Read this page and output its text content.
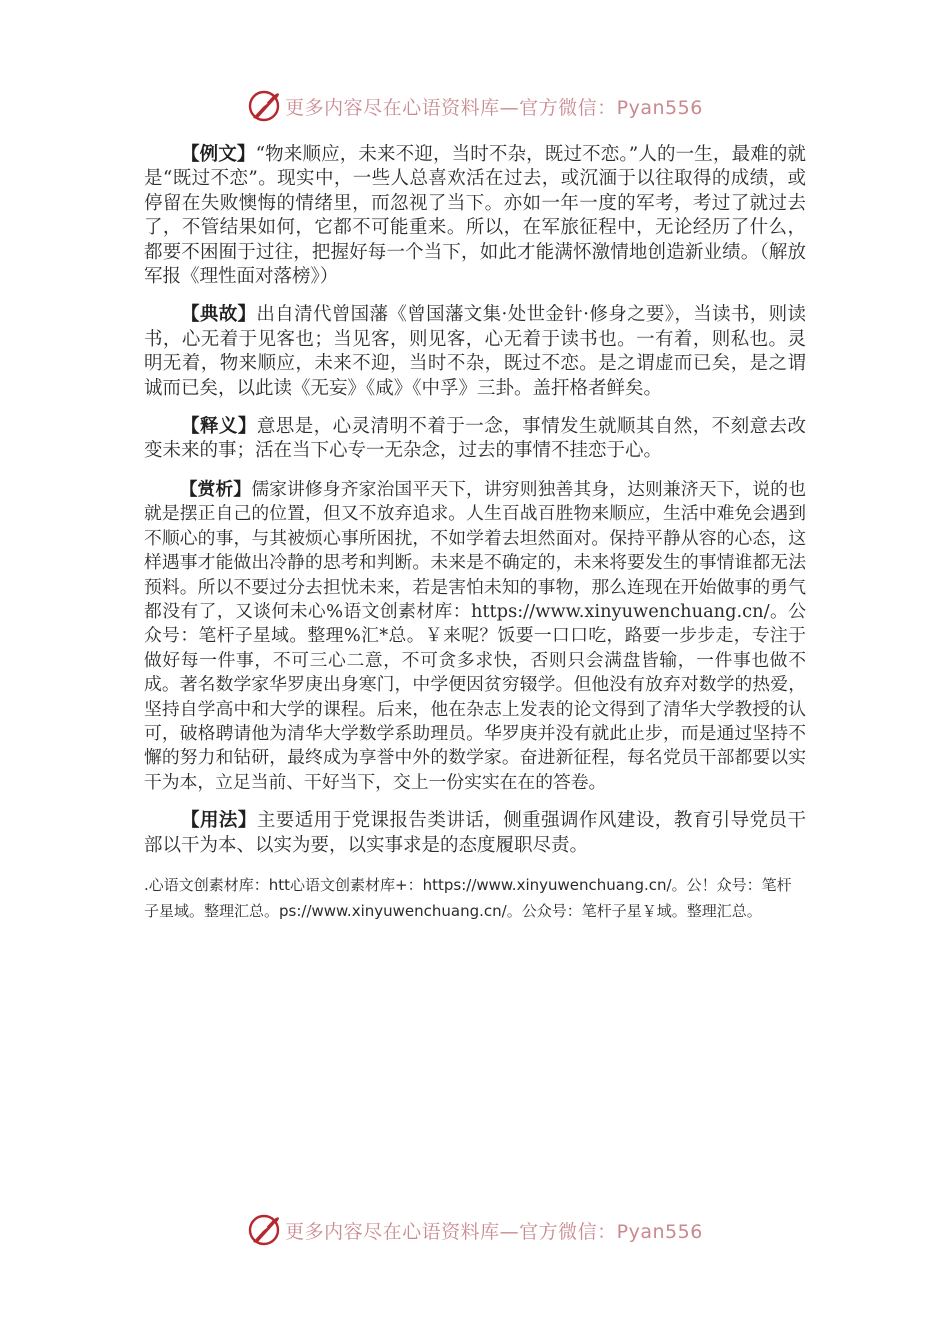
更多内容尽在心语资料库—官方微信：Pyan556

【例文】“物来顺应，未来不迎，当时不杂，既过不恋。”人的一生，最难的就是“既过不恋”。现实中，一些人总喜欢活在过去，或沉湎于以往取得的成绩，或停留在失败懊悔的情绪里，而忽视了当下。亦如一年一度的军考，考过了就过去了，不管结果如何，它都不可能重来。所以，在军旅征程中，无论经历了什么，都要不困囿于过往，把握好每一个当下，如此才能满怀激情地创造新业绩。（解放军报《理性面对落榜》）

【典故】出自清代曾国藩《曾国藩文集·处世金针·修身之要》，当读书，则读书，心无着于见客也；当见客，则见客，心无着于读书也。一有着，则私也。灵明无着，物来顺应，未来不迎，当时不杂，既过不恋。是之谓虚而已矣，是之谓诚而已矣，以此读《无妄》《咸》《中孚》三卦。盖扞格者鲜矣。

【释义】意思是，心灵清明不着于一念，事情发生就顺其自然，不刻意去改变未来的事；活在当下心专一无杂念，过去的事情不挂恋于心。

【赏析】儒家讲修身齐家治国平天下，讲穷则独善其身，达则兼济天下，说的也就是摆正自己的位置，但又不放弃追求。人生百战百胜物来顺应，生活中难免会遇到不顺心的事，与其被烦心事所困扰，不如学着去坦然面对。保持平静从容的心态，这样遇事才能做出冷静的思考和判断。未来是不确定的，未来将要发生的事情谁都无法预料。所以不要过分去担忧未来，若是害怕未知的事物，那么连现在开始做事的勇气都没有了，又谈何未心%语文创素材库：https://www.xinyuwenchuang.cn/。公众号：笔杆子星域。整理%汇*总。￥来呢？饭要一口口吃，路要一步步走，专注于做好每一件事，不可三心二意，不可贪多求快，否则只会满盘皆输，一件事也做不成。著名数学家华罗庚出身寒门，中学便因贫穷辍学。但他没有放弃对数学的热爱，坚持自学高中和大学的课程。后来，他在杂志上发表的论文得到了清华大学教授的认可，破格聘请他为清华大学数学系助理员。华罗庚并没有就此止步，而是通过坚持不懈的努力和钻研，最终成为享誉中外的数学家。奋进新征程，每名党员干部都要以实干为本，立足当前、干好当下，交上一份实实在在的答卷。

【用法】主要适用于党课报告类讲话，侧重强调作风建设，教育引导党员干部以干为本、以实为要，以实事求是的态度履职尽责。

.心语文创素材库：htt心语文创素材库+：https://www.xinyuwenchuang.cn/。公！众号：笔杆子星域。整理汇总。ps://www.xinyuwenchuang.cn/。公众号：笔杆子星￥域。整理汇总。

更多内容尽在心语资料库—官方微信：Pyan556
